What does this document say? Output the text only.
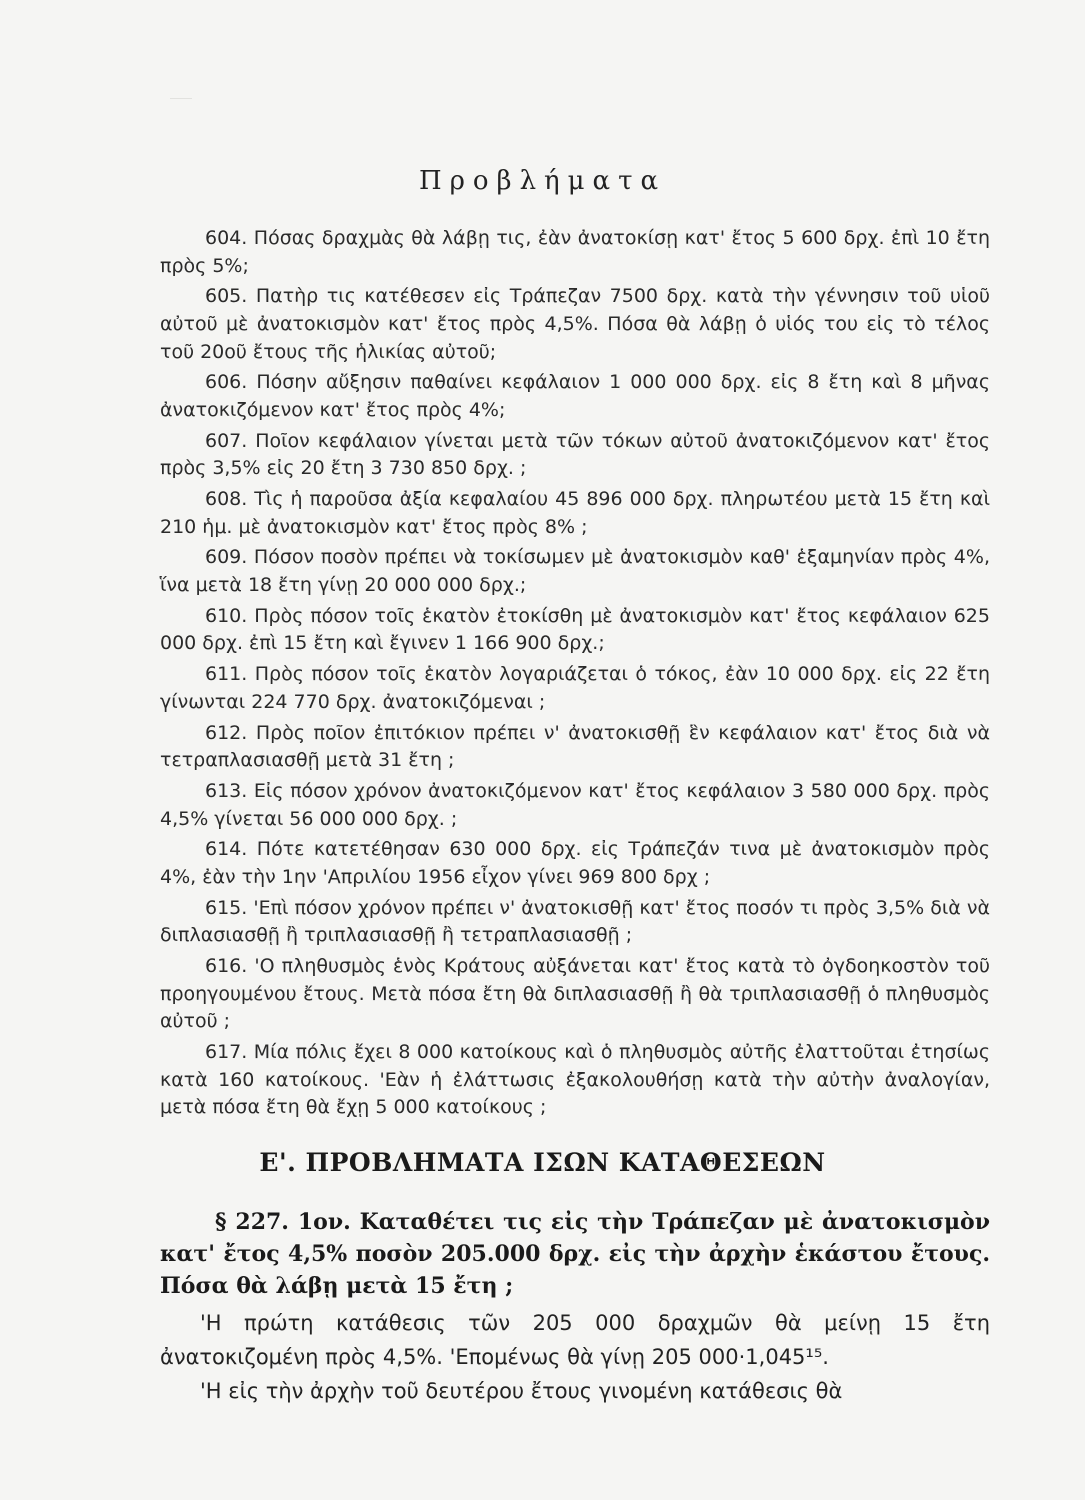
Προβλήματα

604. Πόσας δραχμὰς θὰ λάβῃ τις, ἐὰν ἀνατοκίσῃ κατ' ἔτος 5 600 δρχ. ἐπὶ 10 ἔτη πρὸς 5%;

605. Πατὴρ τις κατέθεσεν εἰς Τράπεζαν 7500 δρχ. κατὰ τὴν γέννησιν τοῦ υἱοῦ αὐτοῦ μὲ ἀνατοκισμὸν κατ' ἔτος πρὸς 4,5%. Πόσα θὰ λάβῃ ὁ υἱός του εἰς τὸ τέλος τοῦ 20οῦ ἔτους τῆς ἡλικίας αὐτοῦ;

606. Πόσην αὔξησιν παθαίνει κεφάλαιον 1 000 000 δρχ. εἰς 8 ἔτη καὶ 8 μῆνας ἀνατοκιζόμενον κατ' ἔτος πρὸς 4%;

607. Ποῖον κεφάλαιον γίνεται μετὰ τῶν τόκων αὐτοῦ ἀνατοκιζόμενον κατ' ἔτος πρὸς 3,5% εἰς 20 ἔτη 3 730 850 δρχ. ;

608. Τὶς ἡ παροῦσα ἀξία κεφαλαίου 45 896 000 δρχ. πληρωτέου μετὰ 15 ἔτη καὶ 210 ἡμ. μὲ ἀνατοκισμὸν κατ' ἔτος πρὸς 8% ;

609. Πόσον ποσὸν πρέπει νὰ τοκίσωμεν μὲ ἀνατοκισμὸν καθ' ἑξαμηνίαν πρὸς 4%, ἵνα μετὰ 18 ἔτη γίνῃ 20 000 000 δρχ.;

610. Πρὸς πόσον τοῖς ἑκατὸν ἐτοκίσθη μὲ ἀνατοκισμὸν κατ' ἔτος κεφάλαιον 625 000 δρχ. ἐπὶ 15 ἔτη καὶ ἔγινεν 1 166 900 δρχ.;

611. Πρὸς πόσον τοῖς ἑκατὸν λογαριάζεται ὁ τόκος, ἐὰν 10 000 δρχ. εἰς 22 ἔτη γίνωνται 224 770 δρχ. ἀνατοκιζόμεναι ;

612. Πρὸς ποῖον ἐπιτόκιον πρέπει ν' ἀνατοκισθῇ ἓν κεφάλαιον κατ' ἔτος διὰ νὰ τετραπλασιασθῇ μετὰ 31 ἔτη ;

613. Εἰς πόσον χρόνον ἀνατοκιζόμενον κατ' ἔτος κεφάλαιον 3 580 000 δρχ. πρὸς 4,5% γίνεται 56 000 000 δρχ. ;

614. Πότε κατετέθησαν 630 000 δρχ. εἰς Τράπεζάν τινα μὲ ἀνατοκισμὸν πρὸς 4%, ἐὰν τὴν 1ην 'Απριλίου 1956 εἶχον γίνει 969 800 δρχ ;

615. 'Επὶ πόσον χρόνον πρέπει ν' ἀνατοκισθῇ κατ' ἔτος ποσόν τι πρὸς 3,5% διὰ νὰ διπλασιασθῇ ἢ τριπλασιασθῇ ἢ τετραπλασιασθῇ ;

616. 'Ο πληθυσμὸς ἑνὸς Κράτους αὐξάνεται κατ' ἔτος κατὰ τὸ ὀγδοηκοστὸν τοῦ προηγουμένου ἔτους. Μετὰ πόσα ἔτη θὰ διπλασιασθῇ ἢ θὰ τριπλασιασθῇ ὁ πληθυσμὸς αὐτοῦ ;

617. Μία πόλις ἔχει 8 000 κατοίκους καὶ ὁ πληθυσμὸς αὐτῆς ἐλαττοῦται ἐτησίως κατὰ 160 κατοίκους. 'Εὰν ἡ ἐλάττωσις ἐξακολουθήσῃ κατὰ τὴν αὐτὴν ἀναλογίαν, μετὰ πόσα ἔτη θὰ ἔχῃ 5 000 κατοίκους ;

Ε'. ΠΡΟΒΛΗΜΑΤΑ ΙΣΩΝ ΚΑΤΑΘΕΣΕΩΝ

§ 227. 1ον. Καταθέτει τις εἰς τὴν Τράπεζαν μὲ ἀνατοκισμὸν κατ' ἔτος 4,5% ποσὸν 205.000 δρχ. εἰς τὴν ἀρχὴν ἑκάστου ἔτους. Πόσα θὰ λάβῃ μετὰ 15 ἔτη ;

'Η πρώτη κατάθεσις τῶν 205 000 δραχμῶν θὰ μείνῃ 15 ἔτη ἀνατοκιζομένη πρὸς 4,5%. 'Επομένως θὰ γίνῃ 205 000·1,045¹⁵.

'Η εἰς τὴν ἀρχὴν τοῦ δευτέρου ἔτους γινομένη κατάθεσις θὰ
